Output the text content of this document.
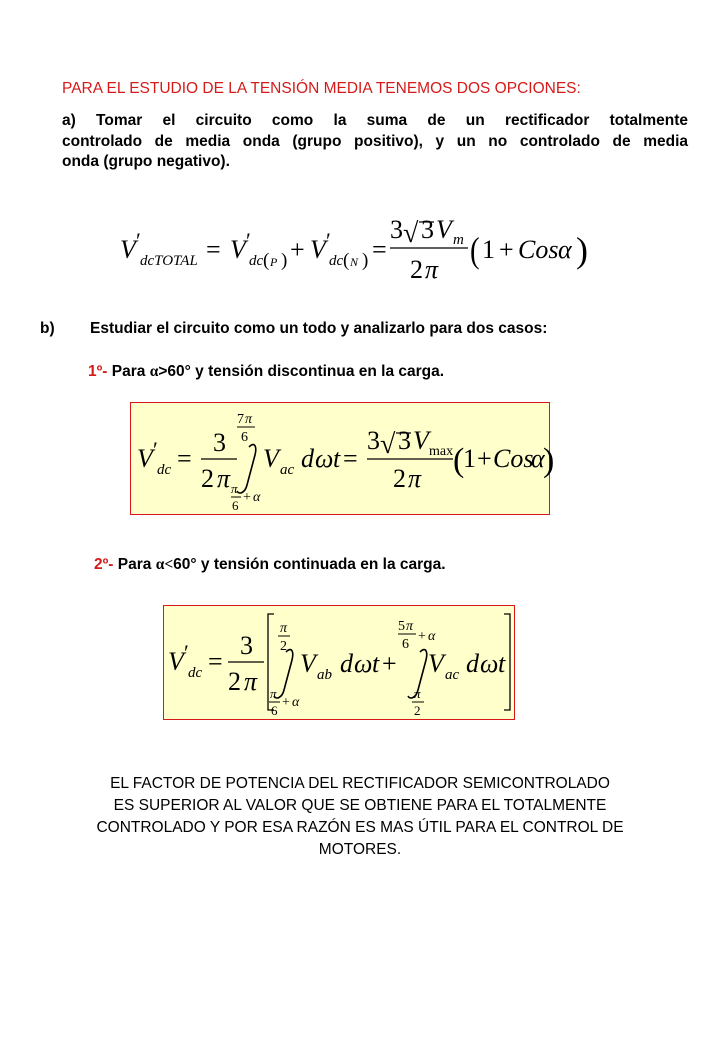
PARA EL ESTUDIO DE LA TENSIÓN MEDIA TENEMOS DOS OPCIONES:
a) Tomar el circuito como la suma de un rectificador totalmente
controlado de media onda (grupo positivo), y un no controlado de media
onda (grupo negativo).
V ′
dcTOTAL = V ′
dc ( P ) + V ′
dc ( N ) =
3 √ 3 V m
2 π ( 1 + Cos α )
b) Estudiar el circuito como un todo y analizarlo para dos casos:
1º- Para α>60° y tensión discontinua en la carga.
V ′
dc =
3
2 π
7 π
6
π
6
+ α
V ac d ω t =
3 √ 3 V max
2 π (
1 + Cos
α
)
2º- Para α<60° y tensión continuada en la carga.
V ′
dc =
3
2 π
π
2
π
6
+ α
V ab d ω t +
5 π
6
+ α
π
2
V ac d ω t
EL FACTOR DE POTENCIA DEL RECTIFICADOR SEMICONTROLADO
ES SUPERIOR AL VALOR QUE SE OBTIENE PARA EL TOTALMENTE
CONTROLADO Y POR ESA RAZÓN ES MAS ÚTIL PARA EL CONTROL DE
MOTORES.
